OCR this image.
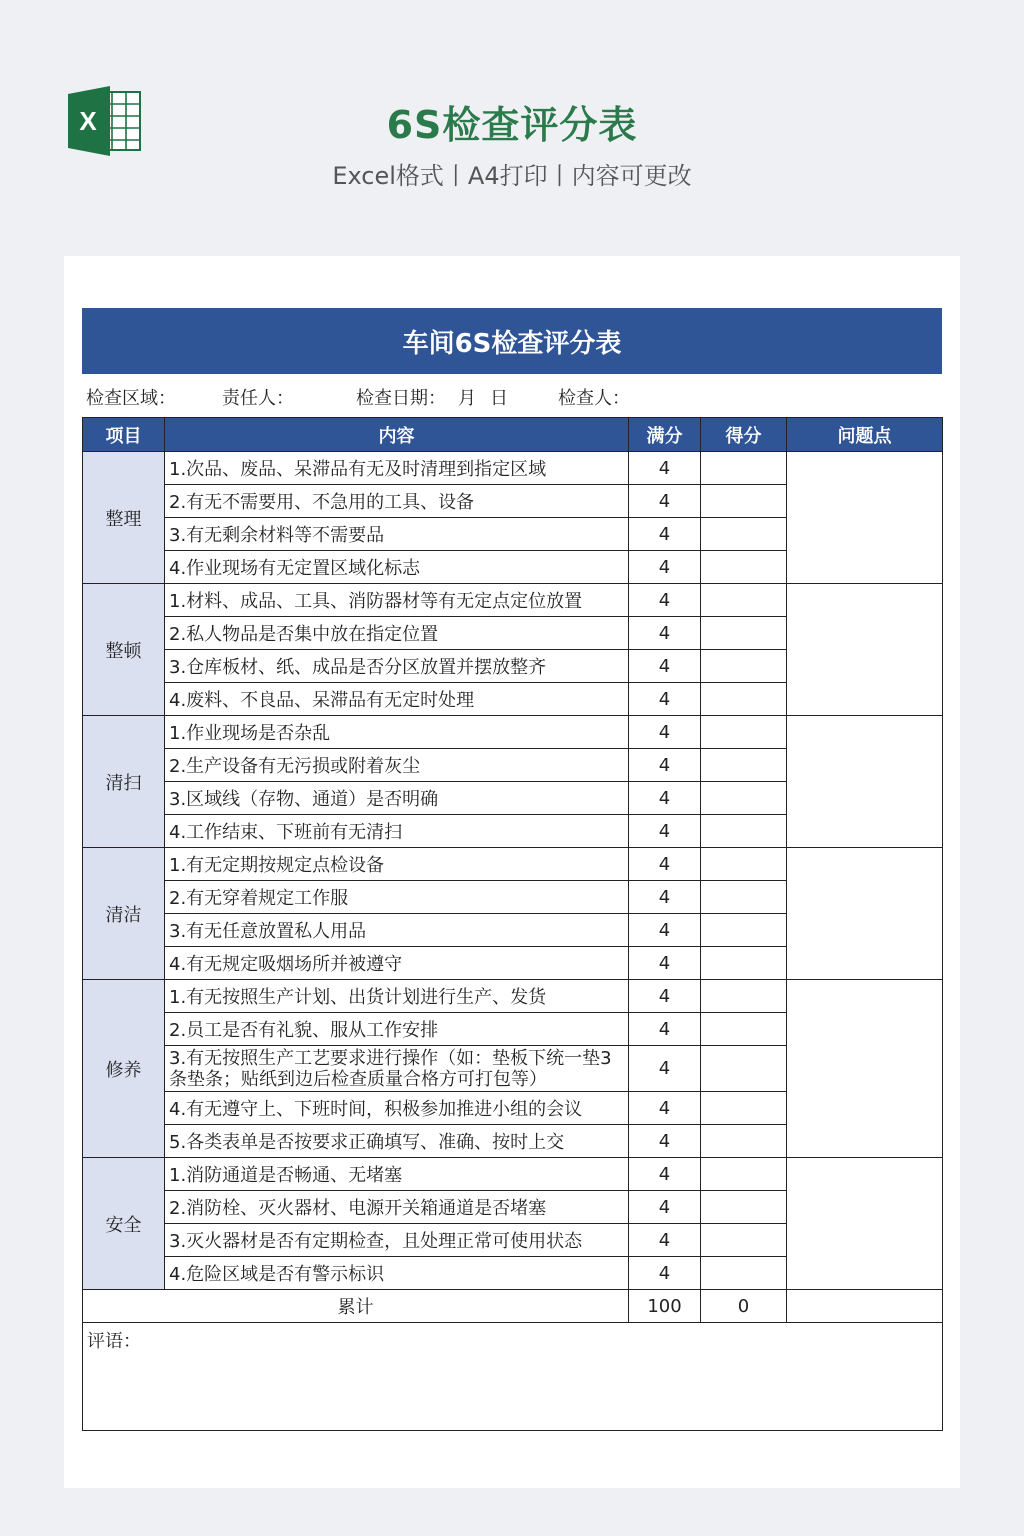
X	6S检查评分表
Excel格式丨A4打印丨内容可更改
车间6S检查评分表
检查区域：	责任人：	检查日期： 月 日	检查人：
项目	内容	满分	得分	问题点
整理	1.次品、废品、呆滞品有无及时清理到指定区域	4		
	2.有无不需要用、不急用的工具、设备	4		
	3.有无剩余材料等不需要品	4		
	4.作业现场有无定置区域化标志	4		
整顿	1.材料、成品、工具、消防器材等有无定点定位放置	4		
	2.私人物品是否集中放在指定位置	4		
	3.仓库板材、纸、成品是否分区放置并摆放整齐	4		
	4.废料、不良品、呆滞品有无定时处理	4		
清扫	1.作业现场是否杂乱	4		
	2.生产设备有无污损或附着灰尘	4		
	3.区域线（存物、通道）是否明确	4		
	4.工作结束、下班前有无清扫	4		
清洁	1.有无定期按规定点检设备	4		
	2.有无穿着规定工作服	4		
	3.有无任意放置私人用品	4		
	4.有无规定吸烟场所并被遵守	4		
修养	1.有无按照生产计划、出货计划进行生产、发货	4		
	2.员工是否有礼貌、服从工作安排	4		
	3.有无按照生产工艺要求进行操作（如：垫板下统一垫3条垫条；贴纸到边后检查质量合格方可打包等）	4		
	4.有无遵守上、下班时间，积极参加推进小组的会议	4		
	5.各类表单是否按要求正确填写、准确、按时上交	4		
安全	1.消防通道是否畅通、无堵塞	4		
	2.消防栓、灭火器材、电源开关箱通道是否堵塞	4		
	3.灭火器材是否有定期检查，且处理正常可使用状态	4		
	4.危险区域是否有警示标识	4		
累计		100	0	
评语：				
